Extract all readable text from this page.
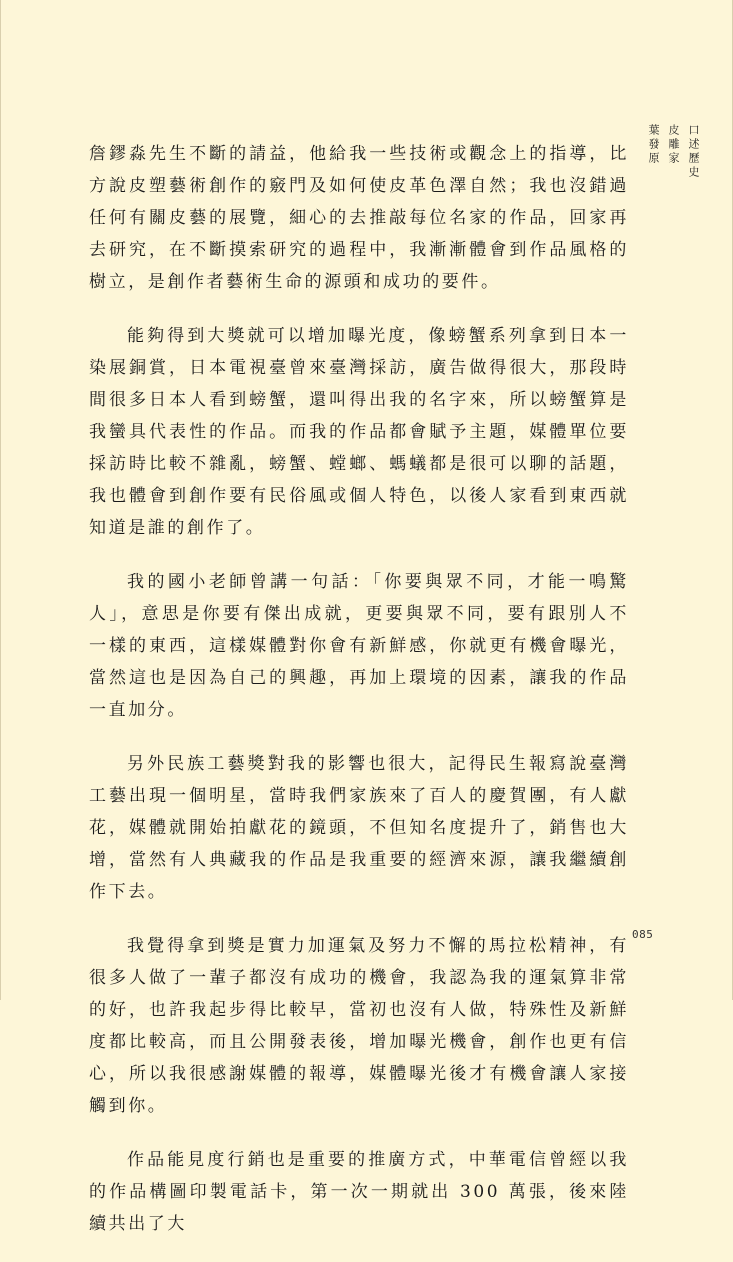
詹鏐淼先生不斷的請益，他給我一些技術或觀念上的指導，比方說皮塑藝術創作的竅門及如何使皮革色澤自然；我也沒錯過任何有關皮藝的展覽，細心的去推敲每位名家的作品，回家再去研究，在不斷摸索研究的過程中，我漸漸體會到作品風格的樹立，是創作者藝術生命的源頭和成功的要件。

能夠得到大獎就可以增加曝光度，像螃蟹系列拿到日本一染展銅賞，日本電視臺曾來臺灣採訪，廣告做得很大，那段時間很多日本人看到螃蟹，還叫得出我的名字來，所以螃蟹算是我蠻具代表性的作品。而我的作品都會賦予主題，媒體單位要採訪時比較不雜亂，螃蟹、螳螂、螞蟻都是很可以聊的話題，我也體會到創作要有民俗風或個人特色，以後人家看到東西就知道是誰的創作了。

我的國小老師曾講一句話：「你要與眾不同，才能一鳴驚人」，意思是你要有傑出成就，更要與眾不同，要有跟別人不一樣的東西，這樣媒體對你會有新鮮感，你就更有機會曝光，當然這也是因為自己的興趣，再加上環境的因素，讓我的作品一直加分。

另外民族工藝獎對我的影響也很大，記得民生報寫說臺灣工藝出現一個明星，當時我們家族來了百人的慶賀團，有人獻花，媒體就開始拍獻花的鏡頭，不但知名度提升了，銷售也大增，當然有人典藏我的作品是我重要的經濟來源，讓我繼續創作下去。

我覺得拿到獎是實力加運氣及努力不懈的馬拉松精神，有很多人做了一輩子都沒有成功的機會，我認為我的運氣算非常的好，也許我起步得比較早，當初也沒有人做，特殊性及新鮮度都比較高，而且公開發表後，增加曝光機會，創作也更有信心，所以我很感謝媒體的報導，媒體曝光後才有機會讓人家接觸到你。

作品能見度行銷也是重要的推廣方式，中華電信曾經以我的作品構圖印製電話卡，第一次一期就出 300 萬張，後來陸續共出了大

口述歷史
皮雕家
葉發原
085
